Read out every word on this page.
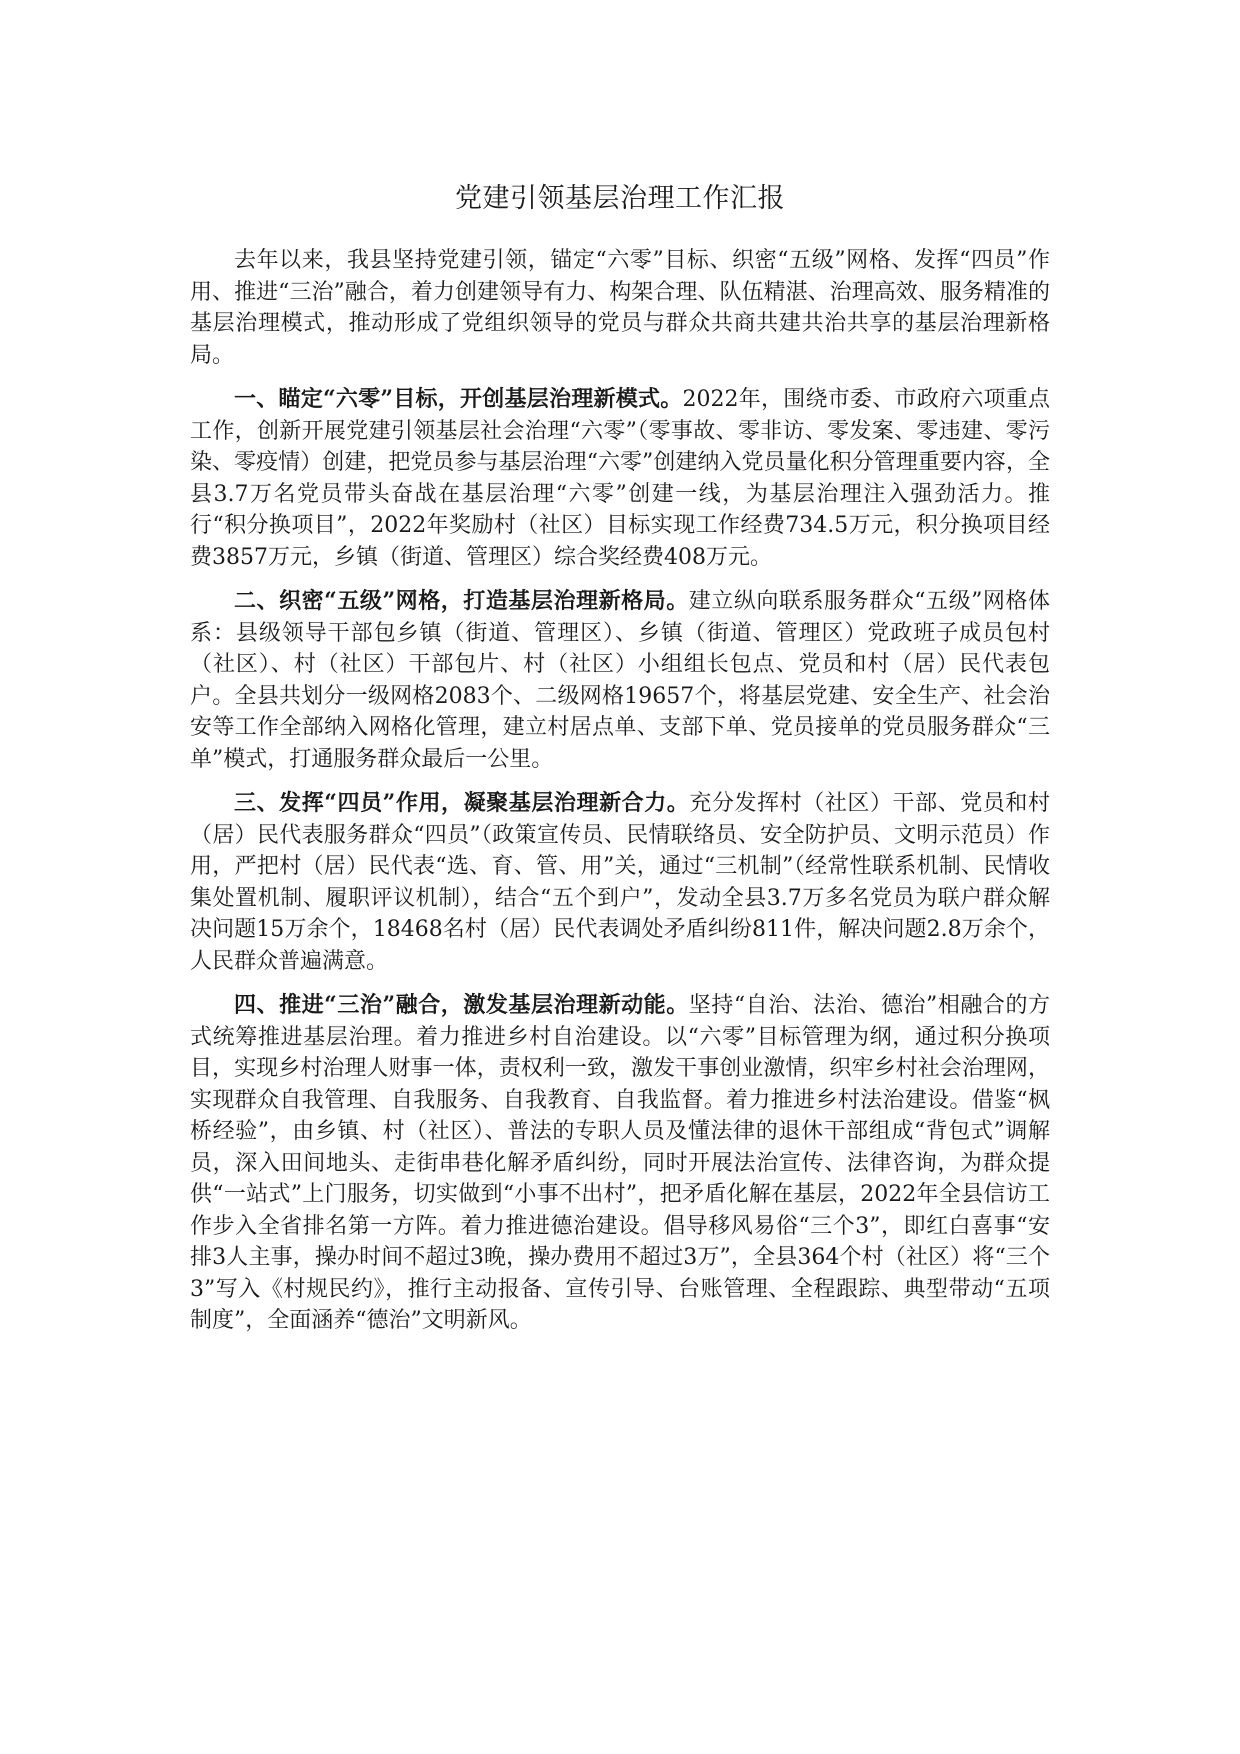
党建引领基层治理工作汇报

去年以来，我县坚持党建引领，锚定“六零”目标、织密“五级”网格、发挥“四员”作用、推进“三治”融合，着力创建领导有力、构架合理、队伍精湛、治理高效、服务精准的基层治理模式，推动形成了党组织领导的党员与群众共商共建共治共享的基层治理新格局。

一、瞄定“六零”目标，开创基层治理新模式。2022年，围绕市委、市政府六项重点工作，创新开展党建引领基层社会治理“六零”（零事故、零非访、零发案、零违建、零污染、零疫情）创建，把党员参与基层治理“六零”创建纳入党员量化积分管理重要内容，全县3.7万名党员带头奋战在基层治理“六零”创建一线，为基层治理注入强劲活力。推行“积分换项目”，2022年奖励村（社区）目标实现工作经费734.5万元，积分换项目经费3857万元，乡镇（街道、管理区）综合奖经费408万元。

二、织密“五级”网格，打造基层治理新格局。建立纵向联系服务群众“五级”网格体系：县级领导干部包乡镇（街道、管理区）、乡镇（街道、管理区）党政班子成员包村（社区）、村（社区）干部包片、村（社区）小组组长包点、党员和村（居）民代表包户。全县共划分一级网格2083个、二级网格19657个，将基层党建、安全生产、社会治安等工作全部纳入网格化管理，建立村居点单、支部下单、党员接单的党员服务群众“三单”模式，打通服务群众最后一公里。

三、发挥“四员”作用，凝聚基层治理新合力。充分发挥村（社区）干部、党员和村（居）民代表服务群众“四员”（政策宣传员、民情联络员、安全防护员、文明示范员）作用，严把村（居）民代表“选、育、管、用”关，通过“三机制”（经常性联系机制、民情收集处置机制、履职评议机制），结合“五个到户”，发动全县3.7万多名党员为联户群众解决问题15万余个，18468名村（居）民代表调处矛盾纠纷811件，解决问题2.8万余个，人民群众普遍满意。

四、推进“三治”融合，激发基层治理新动能。坚持“自治、法治、德治”相融合的方式统筹推进基层治理。着力推进乡村自治建设。以“六零”目标管理为纲，通过积分换项目，实现乡村治理人财事一体，责权利一致，激发干事创业激情，织牢乡村社会治理网，实现群众自我管理、自我服务、自我教育、自我监督。着力推进乡村法治建设。借鉴“枫桥经验”，由乡镇、村（社区）、普法的专职人员及懂法律的退休干部组成“背包式”调解员，深入田间地头、走街串巷化解矛盾纠纷，同时开展法治宣传、法律咨询，为群众提供“一站式”上门服务，切实做到“小事不出村”，把矛盾化解在基层，2022年全县信访工作步入全省排名第一方阵。着力推进德治建设。倡导移风易俗“三个3”，即红白喜事“安排3人主事，操办时间不超过3晚，操办费用不超过3万”，全县364个村（社区）将“三个3”写入《村规民约》，推行主动报备、宣传引导、台账管理、全程跟踪、典型带动“五项制度”，全面涵养“德治”文明新风。
